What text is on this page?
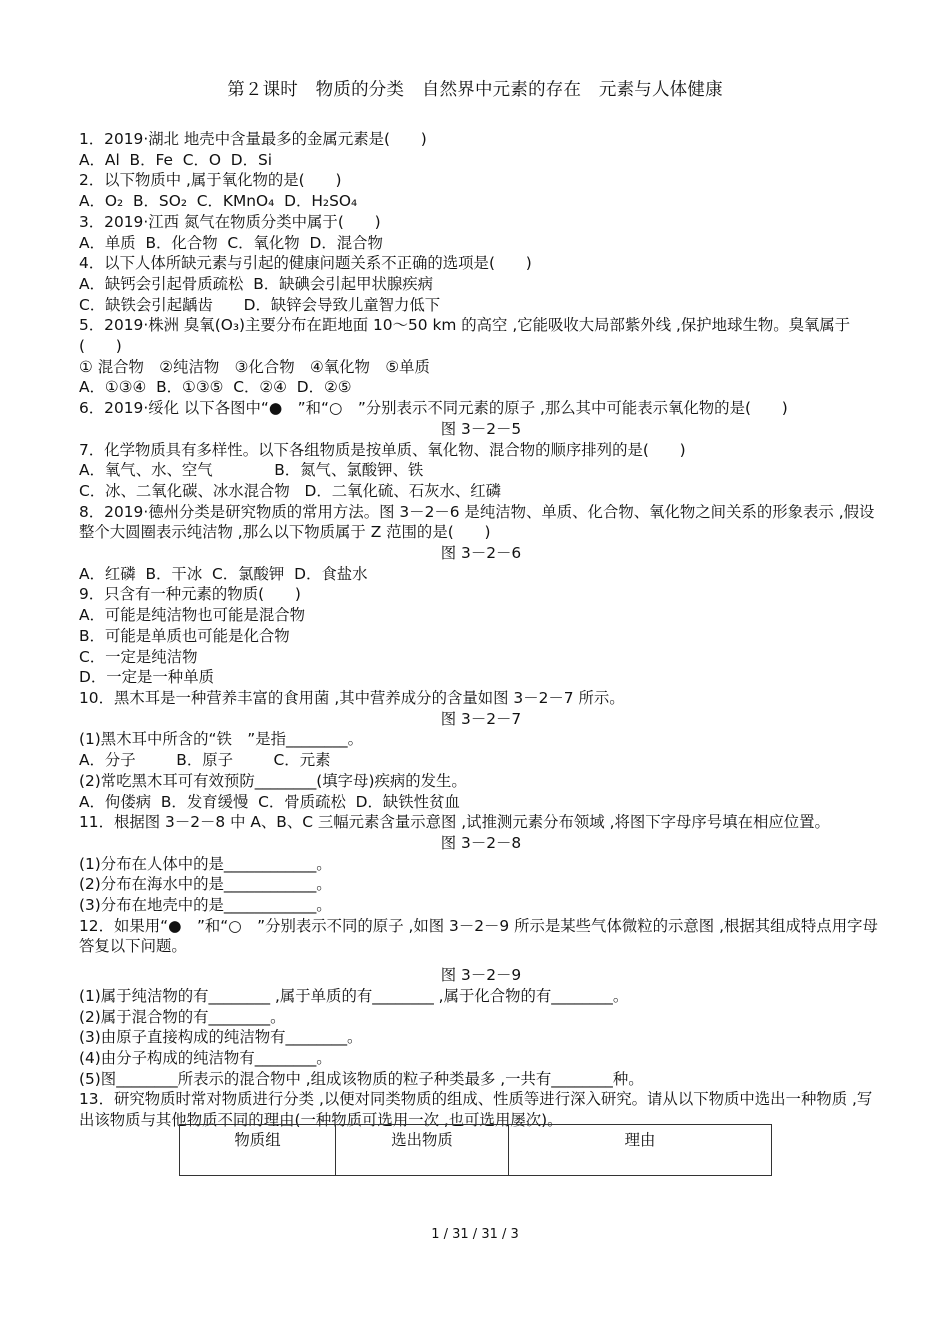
第２课时　物质的分类　自然界中元素的存在　元素与人体健康
1．2019·湖北 地壳中含量最多的金属元素是(　　)
A．Al  B．Fe  C．O  D．Si
2．以下物质中 ,属于氧化物的是(　　)
A．O₂  B．SO₂  C．KMnO₄  D．H₂SO₄
3．2019·江西 氮气在物质分类中属于(　　)
A．单质  B．化合物  C．氧化物  D．混合物
4．以下人体所缺元素与引起的健康问题关系不正确的选项是(　　)
A．缺钙会引起骨质疏松  B．缺碘会引起甲状腺疾病
C．缺铁会引起龋齿　　D．缺锌会导致儿童智力低下
5．2019·株洲 臭氧(O₃)主要分布在距地面 10～50 km 的高空 ,它能吸收大局部紫外线 ,保护地球生物。臭氧属于(　　)
① 混合物　②纯洁物　③化合物　④氧化物　⑤单质
A．①③④  B．①③⑤  C．②④  D．②⑤
6．2019·绥化 以下各图中“●　”和“○　”分别表示不同元素的原子 ,那么其中可能表示氧化物的是(　　)
图 3－2－5
7．化学物质具有多样性。以下各组物质是按单质、氧化物、混合物的顺序排列的是(　　)
A．氧气、水、空气　　　　B．氮气、氯酸钾、铁
C．冰、二氧化碳、冰水混合物   D．二氧化硫、石灰水、红磷
8．2019·德州分类是研究物质的常用方法。图 3－2－6 是纯洁物、单质、化合物、氧化物之间关系的形象表示 ,假设整个大圆圈表示纯洁物 ,那么以下物质属于 Z 范围的是(　　)
图 3－2－6
A．红磷  B．干冰  C．氯酸钾  D．食盐水
9．只含有一种元素的物质(　　)
A．可能是纯洁物也可能是混合物
B．可能是单质也可能是化合物
C．一定是纯洁物
D．一定是一种单质
10．黑木耳是一种营养丰富的食用菌 ,其中营养成分的含量如图 3－2－7 所示。
图 3－2－7
(1)黑木耳中所含的“铁　”是指________。
A．分子　　  B．原子　　  C．元素
(2)常吃黑木耳可有效预防________(填字母)疾病的发生。
A．佝偻病  B．发育缓慢  C．骨质疏松  D．缺铁性贫血
11．根据图 3－2－8 中 A、B、C 三幅元素含量示意图 ,试推测元素分布领域 ,将图下字母序号填在相应位置。
图 3－2－8
(1)分布在人体中的是____________。
(2)分布在海水中的是____________。
(3)分布在地壳中的是____________。
12．如果用“●　”和“○　”分别表示不同的原子 ,如图 3－2－9 所示是某些气体微粒的示意图 ,根据其组成特点用字母答复以下问题。
图 3－2－9
(1)属于纯洁物的有________ ,属于单质的有________ ,属于化合物的有________。
(2)属于混合物的有________。
(3)由原子直接构成的纯洁物有________。
(4)由分子构成的纯洁物有________。
(5)图________所表示的混合物中 ,组成该物质的粒子种类最多 ,一共有________种。
13．研究物质时常对物质进行分类 ,以便对同类物质的组成、性质等进行深入研究。请从以下物质中选出一种物质 ,写出该物质与其他物质不同的理由(一种物质可选用一次 ,也可选用屡次)。
物质组	选出物质	理由
1 / 31 / 31 / 3
